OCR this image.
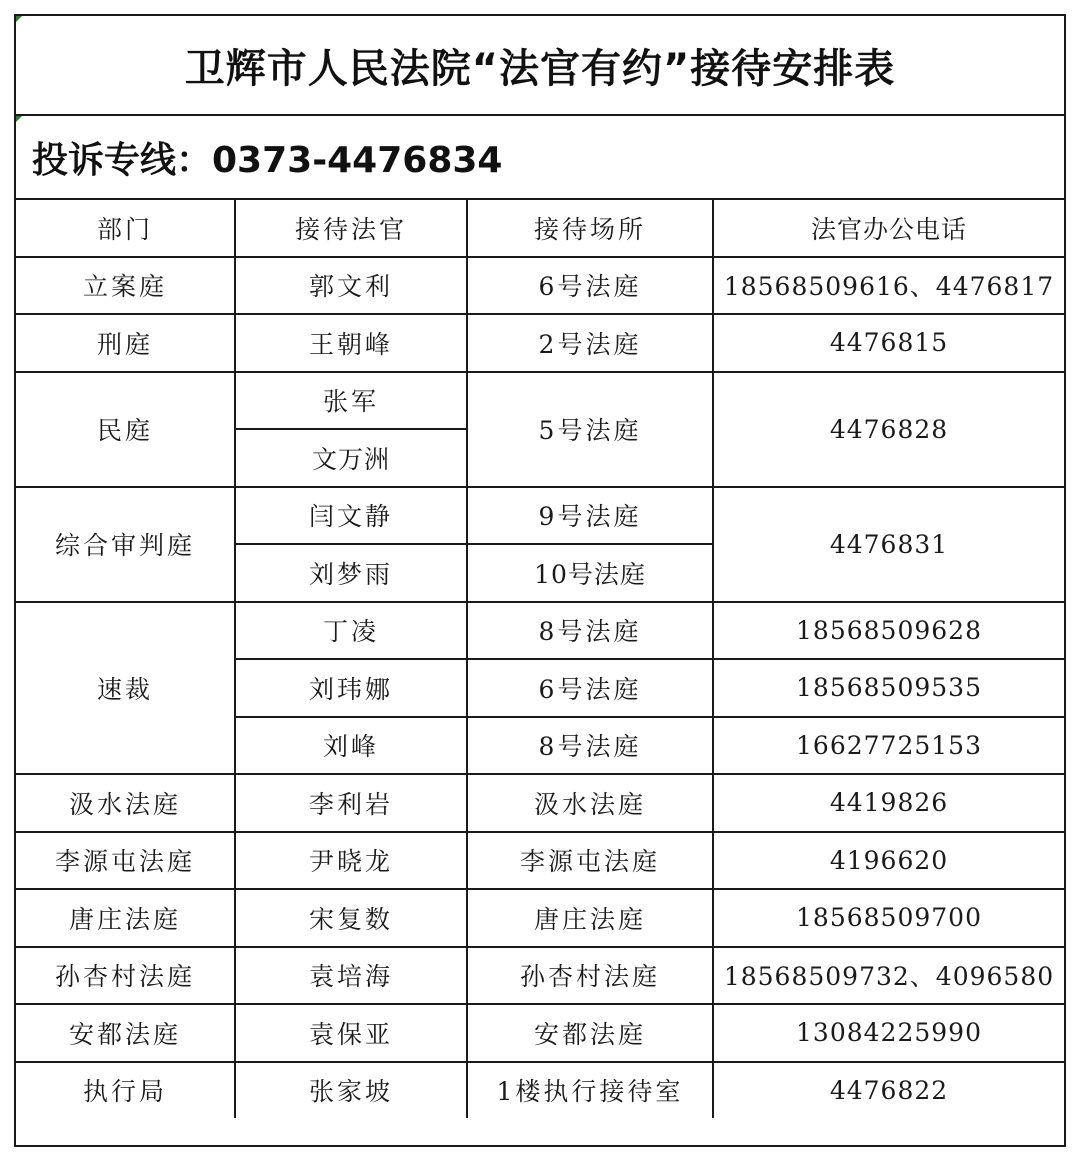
卫辉市人民法院“法官有约”接待安排表
投诉专线：0373-4476834
部门	接待法官	接待场所	法官办公电话
立案庭	郭文利	6号法庭	18568509616、4476817
刑庭	王朝峰	2号法庭	4476815
民庭	张军	5号法庭	4476828
	文万洲		
综合审判庭	闫文静	9号法庭	4476831
	刘梦雨	10号法庭	
速裁	丁凌	8号法庭	18568509628
	刘玮娜	6号法庭	18568509535
	刘峰	8号法庭	16627725153
汲水法庭	李利岩	汲水法庭	4419826
李源屯法庭	尹晓龙	李源屯法庭	4196620
唐庄法庭	宋复数	唐庄法庭	18568509700
孙杏村法庭	袁培海	孙杏村法庭	18568509732、4096580
安都法庭	袁保亚	安都法庭	13084225990
执行局	张家坡	1楼执行接待室	4476822
